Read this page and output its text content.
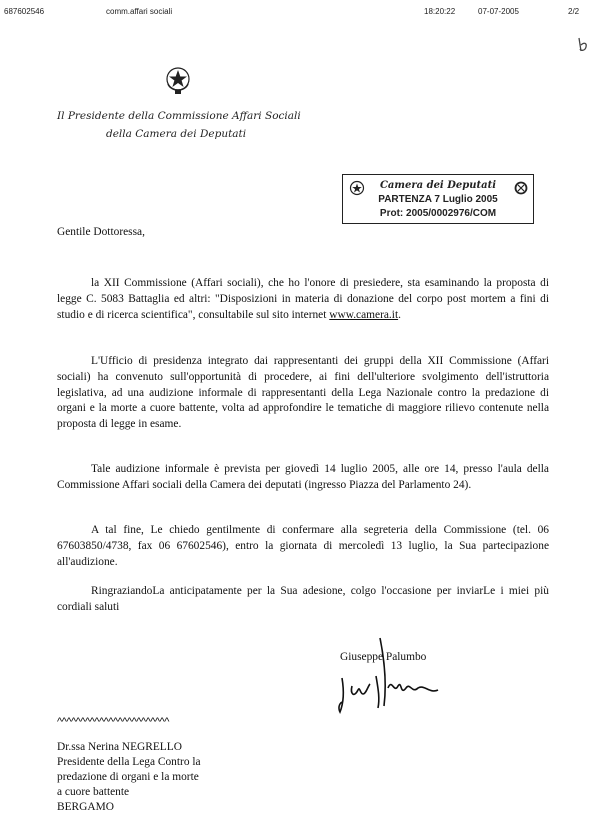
687602546	comm.affari sociali	18:20:22	07-07-2005	2/2
Il Presidente della Commissione Affari Sociali
della Camera dei Deputati
Camera dei Deputati
PARTENZA 7 Luglio 2005
Prot: 2005/0002976/COM
Gentile Dottoressa,
la XII Commissione (Affari sociali), che ho l'onore di presiedere, sta esaminando la proposta di legge C. 5083 Battaglia ed altri: "Disposizioni in materia di donazione del corpo post mortem a fini di studio e di ricerca scientifica", consultabile sul sito internet www.camera.it.
L'Ufficio di presidenza integrato dai rappresentanti dei gruppi della XII Commissione (Affari sociali) ha convenuto sull'opportunità di procedere, ai fini dell'ulteriore svolgimento dell'istruttoria legislativa, ad una audizione informale di rappresentanti della Lega Nazionale contro la predazione di organi e la morte a cuore battente, volta ad approfondire le tematiche di maggiore rilievo contenute nella proposta di legge in esame.
Tale audizione informale è prevista per giovedì 14 luglio 2005, alle ore 14, presso l'aula della Commissione Affari sociali della Camera dei deputati (ingresso Piazza del Parlamento 24).
A tal fine, Le chiedo gentilmente di confermare alla segreteria della Commissione (tel. 06 67603850/4738, fax 06 67602546), entro la giornata di mercoledì 13 luglio, la Sua partecipazione all'audizione.
RingraziandoLa anticipatamente per la Sua adesione, colgo l'occasione per inviarLe i miei più cordiali saluti
Giuseppe Palumbo
^^^^^^^^^^^^^^^^^^^^^^^^
Dr.ssa Nerina NEGRELLO
Presidente della Lega Contro la
predazione di organi e la morte
a cuore battente
BERGAMO
